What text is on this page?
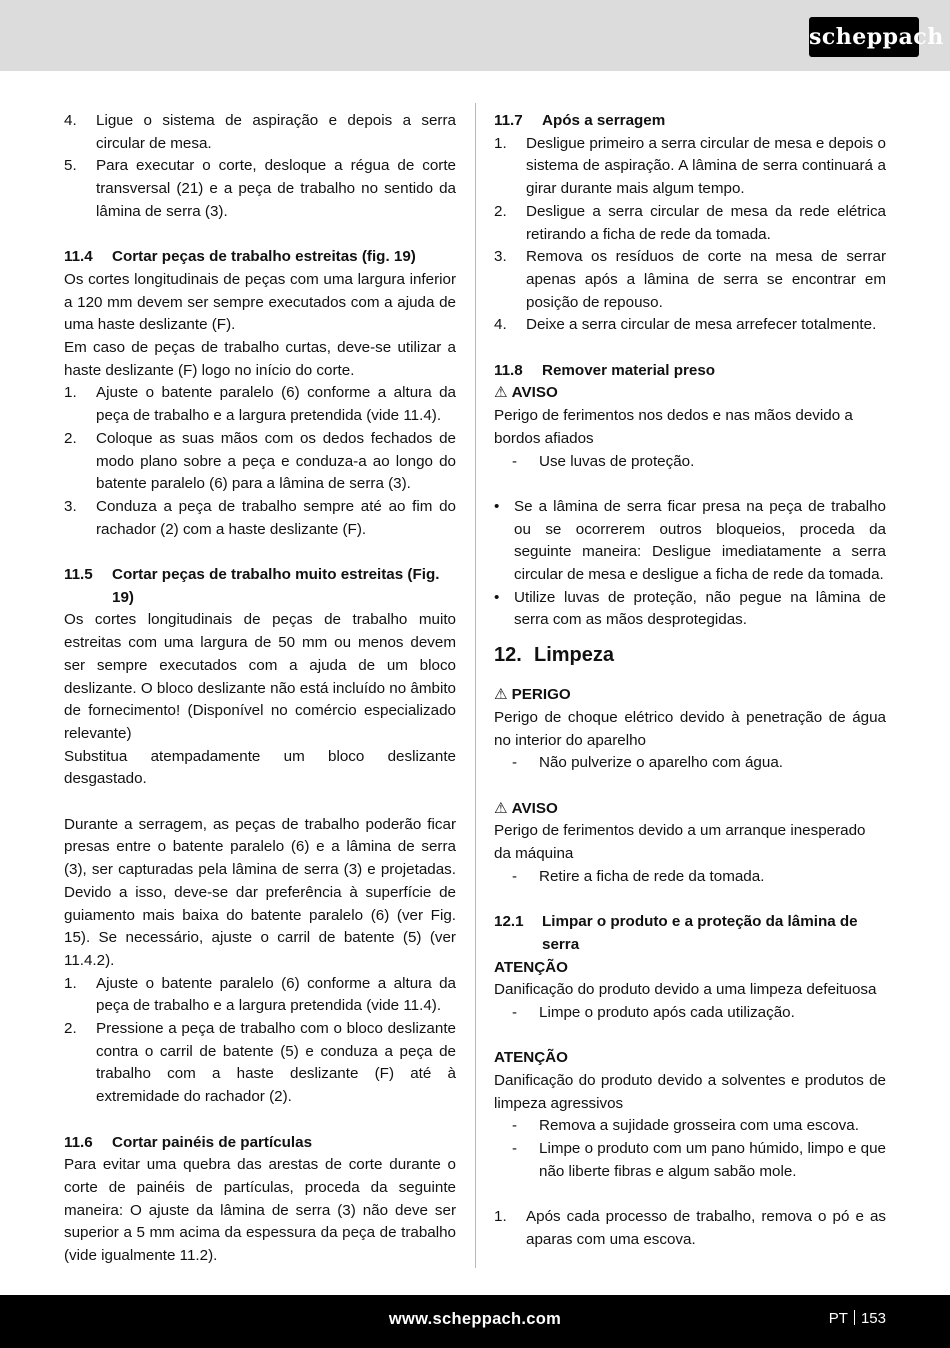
scheppach
4.	Ligue o sistema de aspiração e depois a serra circular de mesa.
5.	Para executar o corte, desloque a régua de corte transversal (21) e a peça de trabalho no sentido da lâmina de serra (3).
11.4	Cortar peças de trabalho estreitas (fig. 19)

Os cortes longitudinais de peças com uma largura inferior a 120 mm devem ser sempre executados com a ajuda de uma haste deslizante (F).

Em caso de peças de trabalho curtas, deve-se utilizar a haste deslizante (F) logo no início do corte.

1.	Ajuste o batente paralelo (6) conforme a altura da peça de trabalho e a largura pretendida (vide 11.4).
2.	Coloque as suas mãos com os dedos fechados de modo plano sobre a peça e conduza-a ao longo do batente paralelo (6) para a lâmina de serra (3).
3.	Conduza a peça de trabalho sempre até ao fim do rachador (2) com a haste deslizante (F).
11.5	Cortar peças de trabalho muito estreitas (Fig. 19)

Os cortes longitudinais de peças de trabalho muito estreitas com uma largura de 50 mm ou menos devem ser sempre executados com a ajuda de um bloco deslizante. O bloco deslizante não está incluído no âmbito de fornecimento! (Disponível no comércio especializado relevante)

Substitua atempadamente um bloco deslizante desgastado.

Durante a serragem, as peças de trabalho poderão ficar presas entre o batente paralelo (6) e a lâmina de serra (3), ser capturadas pela lâmina de serra (3) e projetadas. Devido a isso, deve-se dar preferência à superfície de guiamento mais baixa do batente paralelo (6) (ver Fig. 15). Se necessário, ajuste o carril de batente (5) (ver 11.4.2).

1.	Ajuste o batente paralelo (6) conforme a altura da peça de trabalho e a largura pretendida (vide 11.4).
2.	Pressione a peça de trabalho com o bloco deslizante contra o carril de batente (5) e conduza a peça de trabalho com a haste deslizante (F) até à extremidade do rachador (2).
11.6	Cortar painéis de partículas

Para evitar uma quebra das arestas de corte durante o corte de painéis de partículas, proceda da seguinte maneira: O ajuste da lâmina de serra (3) não deve ser superior a 5 mm acima da espessura da peça de trabalho (vide igualmente 11.2).

11.7	Após a serragem
1.	Desligue primeiro a serra circular de mesa e depois o sistema de aspiração. A lâmina de serra continuará a girar durante mais algum tempo.
2.	Desligue a serra circular de mesa da rede elétrica retirando a ficha de rede da tomada.
3.	Remova os resíduos de corte na mesa de serrar apenas após a lâmina de serra se encontrar em posição de repouso.
4.	Deixe a serra circular de mesa arrefecer totalmente.
11.8	Remover material preso
⚠ AVISO

Perigo de ferimentos nos dedos e nas mãos devido a bordos afiados

-	Use luvas de proteção.
• Se a lâmina de serra ficar presa na peça de trabalho ou se ocorrerem outros bloqueios, proceda da seguinte maneira: Desligue imediatamente a serra circular de mesa e desligue a ficha de rede da tomada.
• Utilize luvas de proteção, não pegue na lâmina de serra com as mãos desprotegidas.
12. Limpeza
⚠ PERIGO

Perigo de choque elétrico devido à penetração de água no interior do aparelho

-	Não pulverize o aparelho com água.
⚠ AVISO

Perigo de ferimentos devido a um arranque inesperado da máquina

-	Retire a ficha de rede da tomada.
12.1	Limpar o produto e a proteção da lâmina de serra
ATENÇÃO

Danificação do produto devido a uma limpeza defeituosa

-	Limpe o produto após cada utilização.
ATENÇÃO

Danificação do produto devido a solventes e produtos de limpeza agressivos

-	Remova a sujidade grosseira com uma escova.
-	Limpe o produto com um pano húmido, limpo e que não liberte fibras e algum sabão mole.
1.	Após cada processo de trabalho, remova o pó e as aparas com uma escova.
www.scheppach.com	PT 153
